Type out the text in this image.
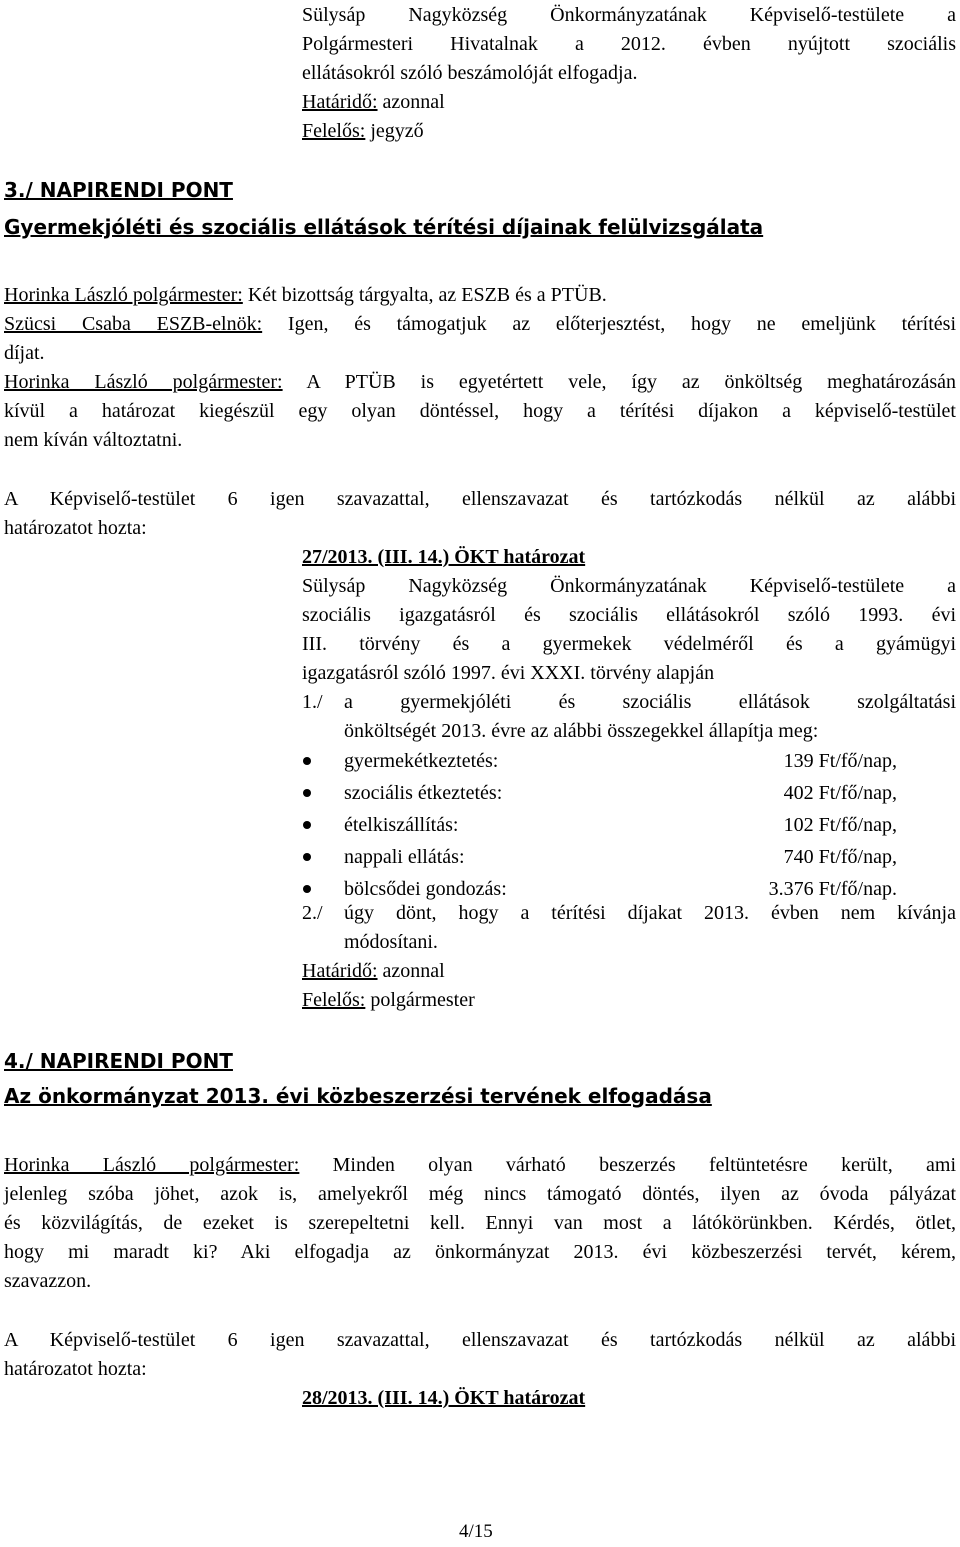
Sülysáp Nagyközség Önkormányzatának Képviselő-testülete a
Polgármesteri Hivatalnak a 2012. évben nyújtott szociális
ellátásokról szóló beszámolóját elfogadja.
Határidő: azonnal
Felelős: jegyző
3./ NAPIRENDI PONT
Gyermekjóléti és szociális ellátások térítési díjainak felülvizsgálata
Horinka László polgármester: Két bizottság tárgyalta, az ESZB és a PTÜB.
Szücsi Csaba ESZB-elnök: Igen, és támogatjuk az előterjesztést, hogy ne emeljünk térítési
díjat.
Horinka László polgármester: A PTÜB is egyetértett vele, így az önköltség meghatározásán
kívül a határozat kiegészül egy olyan döntéssel, hogy a térítési díjakon a képviselő-testület
nem kíván változtatni.
A Képviselő-testület 6 igen szavazattal, ellenszavazat és tartózkodás nélkül az alábbi
határozatot hozta:
27/2013. (III. 14.) ÖKT határozat
Sülysáp Nagyközség Önkormányzatának Képviselő-testülete a
szociális igazgatásról és szociális ellátásokról szóló 1993. évi
III. törvény és a gyermekek védelméről és a gyámügyi
igazgatásról szóló 1997. évi XXXI. törvény alapján
1./ a gyermekjóléti és szociális ellátások szolgáltatási
önköltségét 2013. évre az alábbi összegekkel állapítja meg:
gyermekétkeztetés:	139 Ft/fő/nap,
szociális étkeztetés:	402 Ft/fő/nap,
ételkiszállítás:	102 Ft/fő/nap,
nappali ellátás:	740 Ft/fő/nap,
bölcsődei gondozás:	3.376 Ft/fő/nap.
2./ úgy dönt, hogy a térítési díjakat 2013. évben nem kívánja
módosítani.
Határidő: azonnal
Felelős: polgármester
4./ NAPIRENDI PONT
Az önkormányzat 2013. évi közbeszerzési tervének elfogadása
Horinka László polgármester: Minden olyan várható beszerzés feltüntetésre került, ami
jelenleg szóba jöhet, azok is, amelyekről még nincs támogató döntés, ilyen az óvoda pályázat
és közvilágítás, de ezeket is szerepeltetni kell. Ennyi van most a látókörünkben. Kérdés, ötlet,
hogy mi maradt ki? Aki elfogadja az önkormányzat 2013. évi közbeszerzési tervét, kérem,
szavazzon.
A Képviselő-testület 6 igen szavazattal, ellenszavazat és tartózkodás nélkül az alábbi
határozatot hozta:
28/2013. (III. 14.) ÖKT határozat
4/15
